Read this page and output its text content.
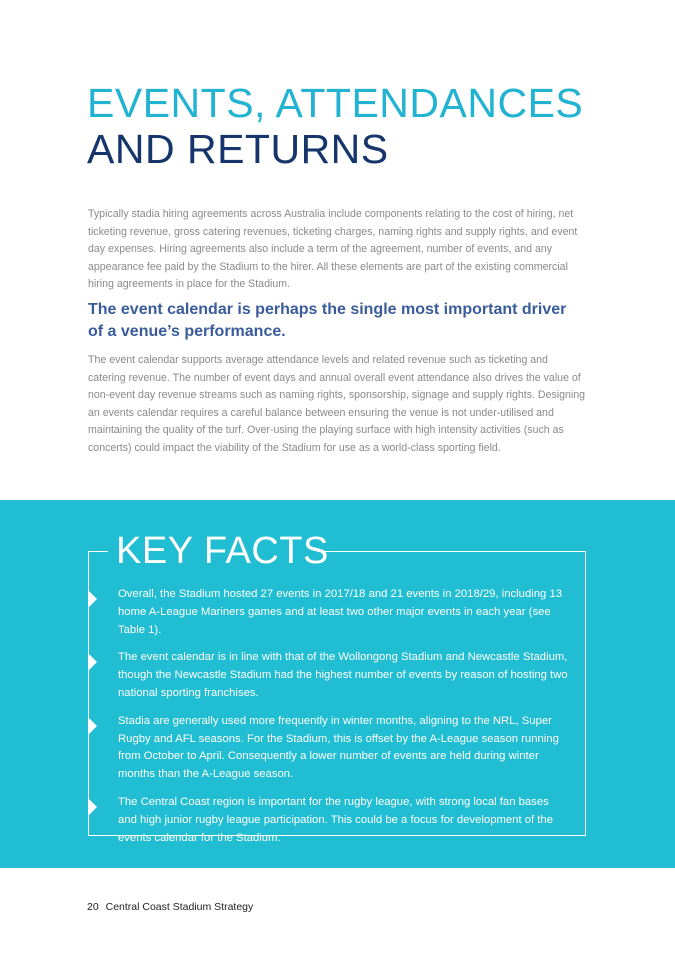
EVENTS, ATTENDANCES
AND RETURNS

Typically stadia hiring agreements across Australia include components relating to the cost of hiring, net ticketing revenue, gross catering revenues, ticketing charges, naming rights and supply rights, and event day expenses. Hiring agreements also include a term of the agreement, number of events, and any appearance fee paid by the Stadium to the hirer. All these elements are part of the existing commercial hiring agreements in place for the Stadium.

The event calendar is perhaps the single most important driver of a venue’s performance.

The event calendar supports average attendance levels and related revenue such as ticketing and catering revenue. The number of event days and annual overall event attendance also drives the value of non-event day revenue streams such as naming rights, sponsorship, signage and supply rights. Designing an events calendar requires a careful balance between ensuring the venue is not under-utilised and maintaining the quality of the turf. Over-using the playing surface with high intensity activities (such as concerts) could impact the viability of the Stadium for use as a world-class sporting field.

KEY FACTS
Overall, the Stadium hosted 27 events in 2017/18 and 21 events in 2018/29, including 13 home A-League Mariners games and at least two other major events in each year (see Table 1).
The event calendar is in line with that of the Wollongong Stadium and Newcastle Stadium, though the Newcastle Stadium had the highest number of events by reason of hosting two national sporting franchises.
Stadia are generally used more frequently in winter months, aligning to the NRL, Super Rugby and AFL seasons. For the Stadium, this is offset by the A-League season running from October to April. Consequently a lower number of events are held during winter months than the A-League season.
The Central Coast region is important for the rugby league, with strong local fan bases and high junior rugby league participation. This could be a focus for development of the events calendar for the Stadium.
20 Central Coast Stadium Strategy
